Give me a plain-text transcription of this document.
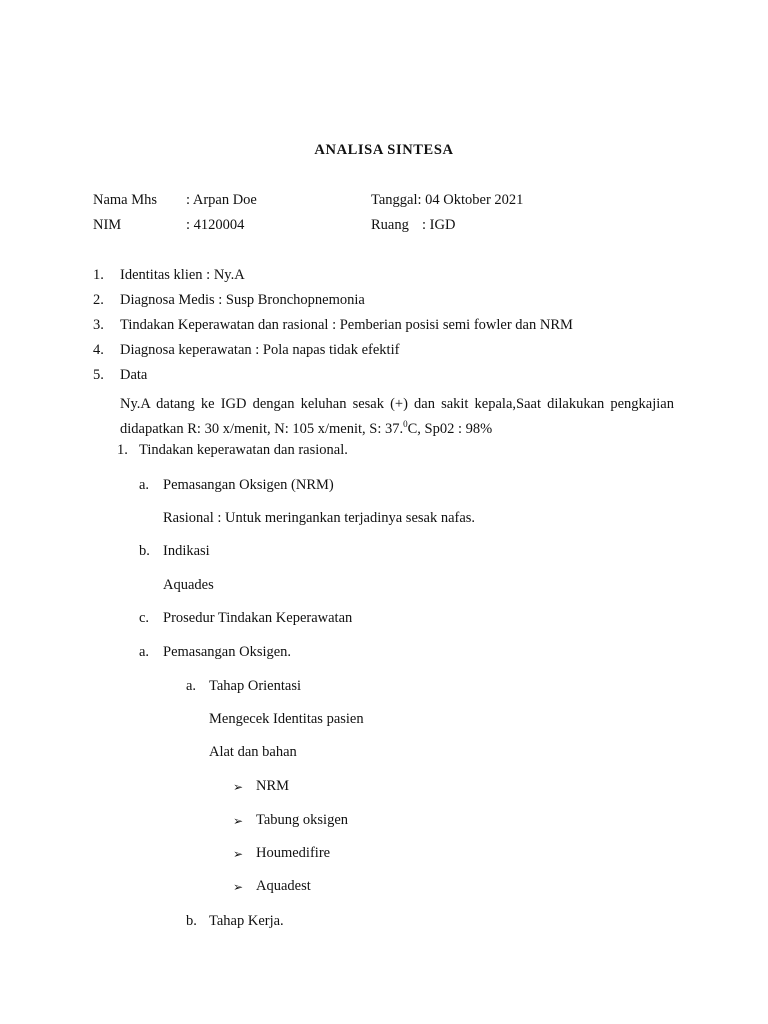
ANALISA SINTESA
Nama Mhs : Arpan Doe	Tanggal: 04 Oktober 2021
NIM	: 4120004	Ruang : IGD
1. Identitas klien : Ny.A
2. Diagnosa Medis : Susp Bronchopnemonia
3. Tindakan Keperawatan dan rasional : Pemberian posisi semi fowler dan NRM
4. Diagnosa keperawatan : Pola napas tidak efektif
5. Data
Ny.A datang ke IGD dengan keluhan sesak (+) dan sakit kepala,Saat dilakukan pengkajian didapatkan R: 30 x/menit, N: 105 x/menit, S: 37.$^0$C, Sp02 : 98%
1. Tindakan keperawatan dan rasional.
a. Pemasangan Oksigen (NRM)
Rasional : Untuk meringankan terjadinya sesak nafas.
b. Indikasi
Aquades
c. Prosedur Tindakan Keperawatan
a. Pemasangan Oksigen.
a. Tahap Orientasi
Mengecek Identitas pasien
Alat dan bahan
➢ NRM
➢ Tabung oksigen
➢ Houmedifire
➢ Aquadest
b. Tahap Kerja.
